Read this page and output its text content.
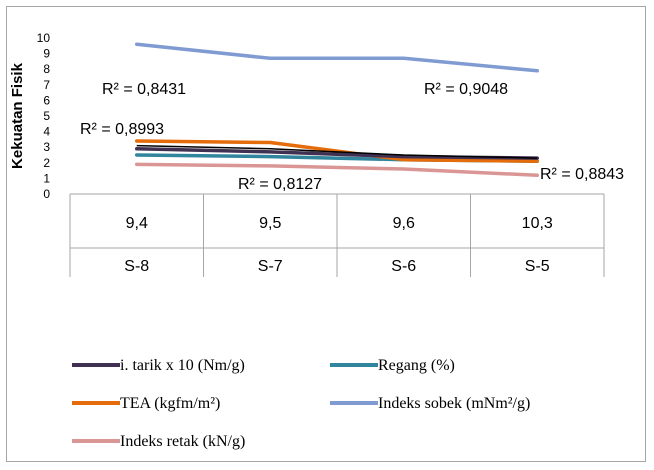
0
1
2
3
4
5
6
7
8
9
10
Kekuatan Fisik
9,4	9,5	9,6	10,3
S-8	S-7	S-6	S-5
R² = 0,8431	R² = 0,9048
R² = 0,8993
R² = 0,8127
R² = 0,8843
i. tarik x 10 (Nm/g)	Regang (%)
TEA (kgfm/m²)	Indeks sobek (mNm²/g)
Indeks retak (kN/g)
